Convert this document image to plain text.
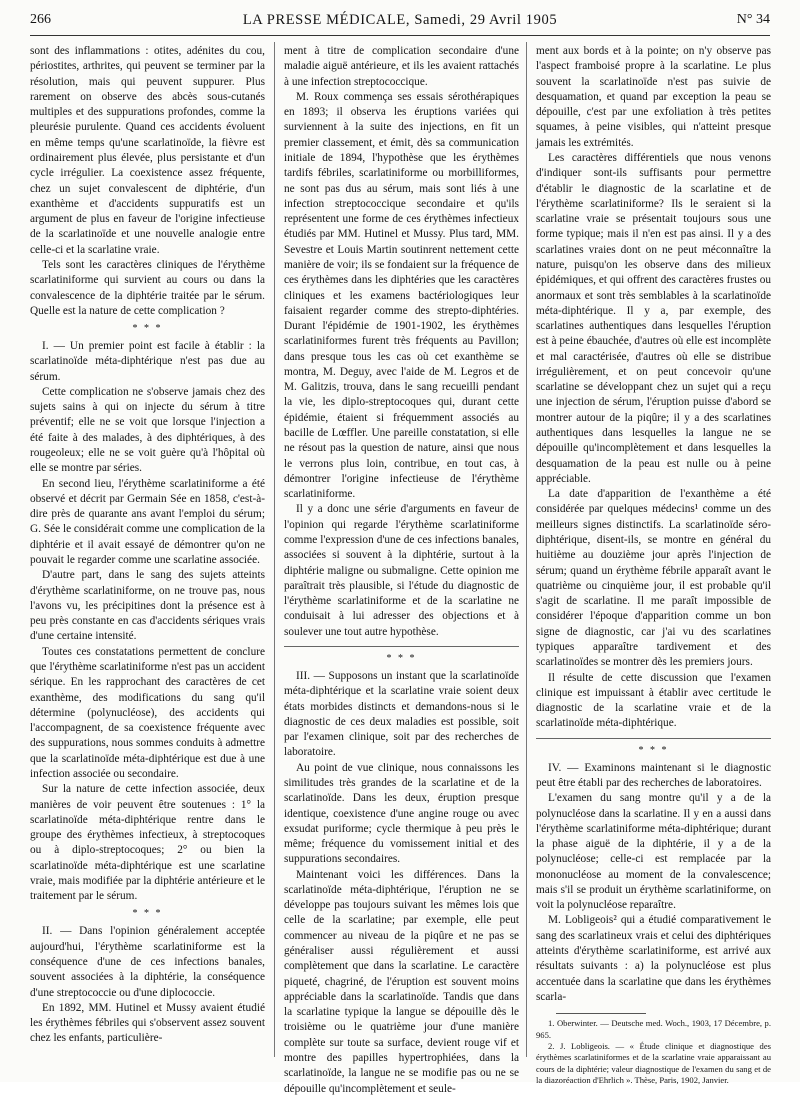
266	LA PRESSE MÉDICALE, Samedi, 29 Avril 1905	N° 34

sont des inflammations : otites, adénites du cou, périostites, arthrites, qui peuvent se terminer par la résolution, mais qui peuvent suppurer. Plus rarement on observe des abcès sous-cutanés multiples et des suppurations profondes, comme la pleurésie purulente. Quand ces accidents évoluent en même temps qu'une scarlatinoïde, la fièvre est ordinairement plus élevée, plus persistante et d'un cycle irrégulier. La coexistence assez fréquente, chez un sujet convalescent de diphtérie, d'un exanthème et d'accidents suppuratifs est un argument de plus en faveur de l'origine infectieuse de la scarlatinoïde et une nouvelle analogie entre celle-ci et la scarlatine vraie.

Tels sont les caractères cliniques de l'érythème scarlatiniforme qui survient au cours ou dans la convalescence de la diphtérie traitée par le sérum. Quelle est la nature de cette complication ?

* * *

I. — Un premier point est facile à établir : la scarlatinoïde méta-diphtérique n'est pas due au sérum.

Cette complication ne s'observe jamais chez des sujets sains à qui on injecte du sérum à titre préventif; elle ne se voit que lorsque l'injection a été faite à des malades, à des diphtériques, à des rougeoleux; elle ne se voit guère qu'à l'hôpital où elle se montre par séries.

En second lieu, l'érythème scarlatiniforme a été observé et décrit par Germain Sée en 1858, c'est-à-dire près de quarante ans avant l'emploi du sérum; G. Sée le considérait comme une complication de la diphtérie et il avait essayé de démontrer qu'on ne pouvait le regarder comme une scarlatine associée.

D'autre part, dans le sang des sujets atteints d'érythème scarlatiniforme, on ne trouve pas, nous l'avons vu, les précipitines dont la présence est à peu près constante en cas d'accidents sériques vrais d'une certaine intensité.

Toutes ces constatations permettent de conclure que l'érythème scarlatiniforme n'est pas un accident sérique. En les rapprochant des caractères de cet exanthème, des modifications du sang qu'il détermine (polynucléose), des accidents qui l'accompagnent, de sa coexistence fréquente avec des suppurations, nous sommes conduits à admettre que la scarlatinoïde méta-diphtérique est due à une infection associée ou secondaire.

Sur la nature de cette infection associée, deux manières de voir peuvent être soutenues : 1° la scarlatinoïde méta-diphtérique rentre dans le groupe des érythèmes infectieux, à streptocoques ou à diplo-streptocoques; 2° ou bien la scarlatinoïde méta-diphtérique est une scarlatine vraie, mais modifiée par la diphtérie antérieure et le traitement par le sérum.

* * *

II. — Dans l'opinion généralement acceptée aujourd'hui, l'érythème scarlatiniforme est la conséquence d'une de ces infections banales, souvent associées à la diphtérie, la conséquence d'une streptococcie ou d'une diplococcie.

En 1892, MM. Hutinel et Mussy avaient étudié les érythèmes fébriles qui s'observent assez souvent chez les enfants, particulière-

ment à titre de complication secondaire d'une maladie aiguë antérieure, et ils les avaient rattachés à une infection streptococcique.

M. Roux commença ses essais sérothérapiques en 1893; il observa les éruptions variées qui surviennent à la suite des injections, en fit un premier classement, et émit, dès sa communication initiale de 1894, l'hypothèse que les érythèmes tardifs fébriles, scarlatiniforme ou morbilliformes, ne sont pas dus au sérum, mais sont liés à une infection streptococcique secondaire et qu'ils représentent une forme de ces érythèmes infectieux étudiés par MM. Hutinel et Mussy. Plus tard, MM. Sevestre et Louis Martin soutinrent nettement cette manière de voir; ils se fondaient sur la fréquence de ces érythèmes dans les diphtéries que les caractères cliniques et les examens bactériologiques leur faisaient regarder comme des strepto-diphtéries. Durant l'épidémie de 1901-1902, les érythèmes scarlatiniformes furent très fréquents au Pavillon; dans presque tous les cas où cet exanthème se montra, M. Deguy, avec l'aide de M. Legros et de M. Galitzis, trouva, dans le sang recueilli pendant la vie, les diplo-streptocoques qui, durant cette épidémie, étaient si fréquemment associés au bacille de Lœffler. Une pareille constatation, si elle ne résout pas la question de nature, ainsi que nous le verrons plus loin, contribue, en tout cas, à démontrer l'origine infectieuse de l'érythème scarlatiniforme.

Il y a donc une série d'arguments en faveur de l'opinion qui regarde l'érythème scarlatiniforme comme l'expression d'une de ces infections banales, associées si souvent à la diphtérie, surtout à la diphtérie maligne ou submaligne. Cette opinion me paraîtrait très plausible, si l'étude du diagnostic de l'érythème scarlatiniforme et de la scarlatine ne conduisait à lui adresser des objections et à soulever une tout autre hypothèse.

* * *

III. — Supposons un instant que la scarlatinoïde méta-diphtérique et la scarlatine vraie soient deux états morbides distincts et demandons-nous si le diagnostic de ces deux maladies est possible, soit par l'examen clinique, soit par des recherches de laboratoire.

Au point de vue clinique, nous connaissons les similitudes très grandes de la scarlatine et de la scarlatinoïde. Dans les deux, éruption presque identique, coexistence d'une angine rouge ou avec exsudat puriforme; cycle thermique à peu près le même; fréquence du vomissement initial et des suppurations secondaires.

Maintenant voici les différences. Dans la scarlatinoïde méta-diphtérique, l'éruption ne se développe pas toujours suivant les mêmes lois que celle de la scarlatine; par exemple, elle peut commencer au niveau de la piqûre et ne pas se généraliser aussi régulièrement et aussi complètement que dans la scarlatine. Le caractère piqueté, chagriné, de l'éruption est souvent moins appréciable dans la scarlatinoïde. Tandis que dans la scarlatine typique la langue se dépouille dès le troisième ou le quatrième jour d'une manière complète sur toute sa surface, devient rouge vif et montre des papilles hypertrophiées, dans la scarlatinoïde, la langue ne se modifie pas ou ne se dépouille qu'incomplètement et seule-

ment aux bords et à la pointe; on n'y observe pas l'aspect framboisé propre à la scarlatine. Le plus souvent la scarlatinoïde n'est pas suivie de desquamation, et quand par exception la peau se dépouille, c'est par une exfoliation à très petites squames, à peine visibles, qui n'atteint presque jamais les extrémités.

Les caractères différentiels que nous venons d'indiquer sont-ils suffisants pour permettre d'établir le diagnostic de la scarlatine et de l'érythème scarlatiniforme? Ils le seraient si la scarlatine vraie se présentait toujours sous une forme typique; mais il n'en est pas ainsi. Il y a des scarlatines vraies dont on ne peut méconnaître la nature, puisqu'on les observe dans des milieux épidémiques, et qui offrent des caractères frustes ou anormaux et sont très semblables à la scarlatinoïde méta-diphtérique. Il y a, par exemple, des scarlatines authentiques dans lesquelles l'éruption est à peine ébauchée, d'autres où elle est incomplète et mal caractérisée, d'autres où elle se distribue irrégulièrement, et on peut concevoir qu'une scarlatine se développant chez un sujet qui a reçu une injection de sérum, l'éruption puisse d'abord se montrer autour de la piqûre; il y a des scarlatines authentiques dans lesquelles la langue ne se dépouille qu'incomplètement et dans lesquelles la desquamation de la peau est nulle ou à peine appréciable.

La date d'apparition de l'exanthème a été considérée par quelques médecins¹ comme un des meilleurs signes distinctifs. La scarlatinoïde séro-diphtérique, disent-ils, se montre en général du huitième au douzième jour après l'injection de sérum; quand un érythème fébrile apparaît avant le quatrième ou cinquième jour, il est probable qu'il s'agit de scarlatine. Il me paraît impossible de considérer l'époque d'apparition comme un bon signe de diagnostic, car j'ai vu des scarlatines typiques apparaître tardivement et des scarlatinoïdes se montrer dès les premiers jours.

Il résulte de cette discussion que l'examen clinique est impuissant à établir avec certitude le diagnostic de la scarlatine vraie et de la scarlatinoïde méta-diphtérique.

* * *

IV. — Examinons maintenant si le diagnostic peut être établi par des recherches de laboratoires.

L'examen du sang montre qu'il y a de la polynucléose dans la scarlatine. Il y en a aussi dans l'érythème scarlatiniforme méta-diphtérique; durant la phase aiguë de la diphtérie, il y a de la polynucléose; celle-ci est remplacée par la mononucléose au moment de la convalescence; mais s'il se produit un érythème scarlatiniforme, on voit la polynucléose reparaître.

M. Lobligeois² qui a étudié comparativement le sang des scarlatineux vrais et celui des diphtériques atteints d'érythème scarlatiniforme, est arrivé aux résultats suivants : a) la polynucléose est plus accentuée dans la scarlatine que dans les érythèmes scarla-

1. Oberwinter. — Deutsche med. Woch., 1903, 17 Décembre, p. 965.

2. J. Lobligeois. — « Étude clinique et diagnostique des érythèmes scarlatiniformes et de la scarlatine vraie apparaissant au cours de la diphtérie; valeur diagnostique de l'examen du sang et de la diazoréaction d'Ehrlich ». Thèse, Paris, 1902, Janvier.
